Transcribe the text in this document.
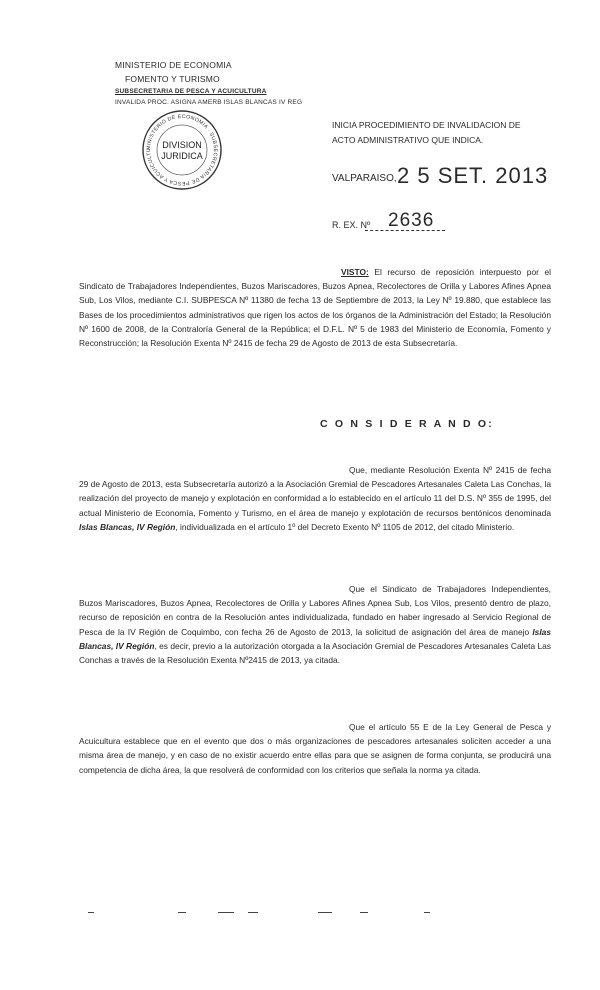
MINISTERIO DE ECONOMIA
FOMENTO Y TURISMO
SUBSECRETARIA DE PESCA Y ACUICULTURA
INVALIDA PROC. ASIGNA AMERB ISLAS BLANCAS IV REG
MINISTERIO DE ECONOMIA · SUBSECRETARIA DE PESCA Y ACUICULTU
DIVISION
JURIDICA
INICIA PROCEDIMIENTO DE INVALIDACION DE
ACTO ADMINISTRATIVO QUE INDICA.
VALPARAISO, 2 5 SET. 2013
R. EX. Nº 2636
VISTO: El recurso de reposición interpuesto por el Sindicato de Trabajadores Independientes, Buzos Mariscadores, Buzos Apnea, Recolectores de Orilla y Labores Afines Apnea Sub, Los Vilos, mediante C.I. SUBPESCA Nº 11380 de fecha 13 de Septiembre de 2013, la Ley Nº 19.880, que establece las Bases de los procedimientos administrativos que rigen los actos de los órganos de la Administración del Estado; la Resolución Nº 1600 de 2008, de la Contraloría General de la República; el D.F.L. Nº 5 de 1983 del Ministerio de Economía, Fomento y Reconstrucción; la Resolución Exenta Nº 2415 de fecha 29 de Agosto de 2013 de esta Subsecretaría.
C O N S I D E R A N D O:
Que, mediante Resolución Exenta Nº 2415 de fecha 29 de Agosto de 2013, esta Subsecretaría autorizó a la Asociación Gremial de Pescadores Artesanales Caleta Las Conchas, la realización del proyecto de manejo y explotación en conformidad a lo establecido en el artículo 11 del D.S. Nº 355 de 1995, del actual Ministerio de Economía, Fomento y Turismo, en el área de manejo y explotación de recursos bentónicos denominada Islas Blancas, IV Región, individualizada en el artículo 1º del Decreto Exento Nº 1105 de 2012, del citado Ministerio.
Que el Sindicato de Trabajadores Independientes, Buzos Mariscadores, Buzos Apnea, Recolectores de Orilla y Labores Afines Apnea Sub, Los Vilos, presentó dentro de plazo, recurso de reposición en contra de la Resolución antes individualizada, fundado en haber ingresado al Servicio Regional de Pesca de la IV Región de Coquimbo, con fecha 26 de Agosto de 2013, la solicitud de asignación del área de manejo Islas Blancas, IV Región, es decir, previo a la autorización otorgada a la Asociación Gremial de Pescadores Artesanales Caleta Las Conchas a través de la Resolución Exenta Nº2415 de 2013, ya citada.
Que el artículo 55 E de la Ley General de Pesca y Acuicultura establece que en el evento que dos o más organizaciones de pescadores artesanales soliciten acceder a una misma área de manejo, y en caso de no existir acuerdo entre ellas para que se asignen de forma conjunta, se producirá una competencia de dicha área, la que resolverá de conformidad con los criterios que señala la norma ya citada.
